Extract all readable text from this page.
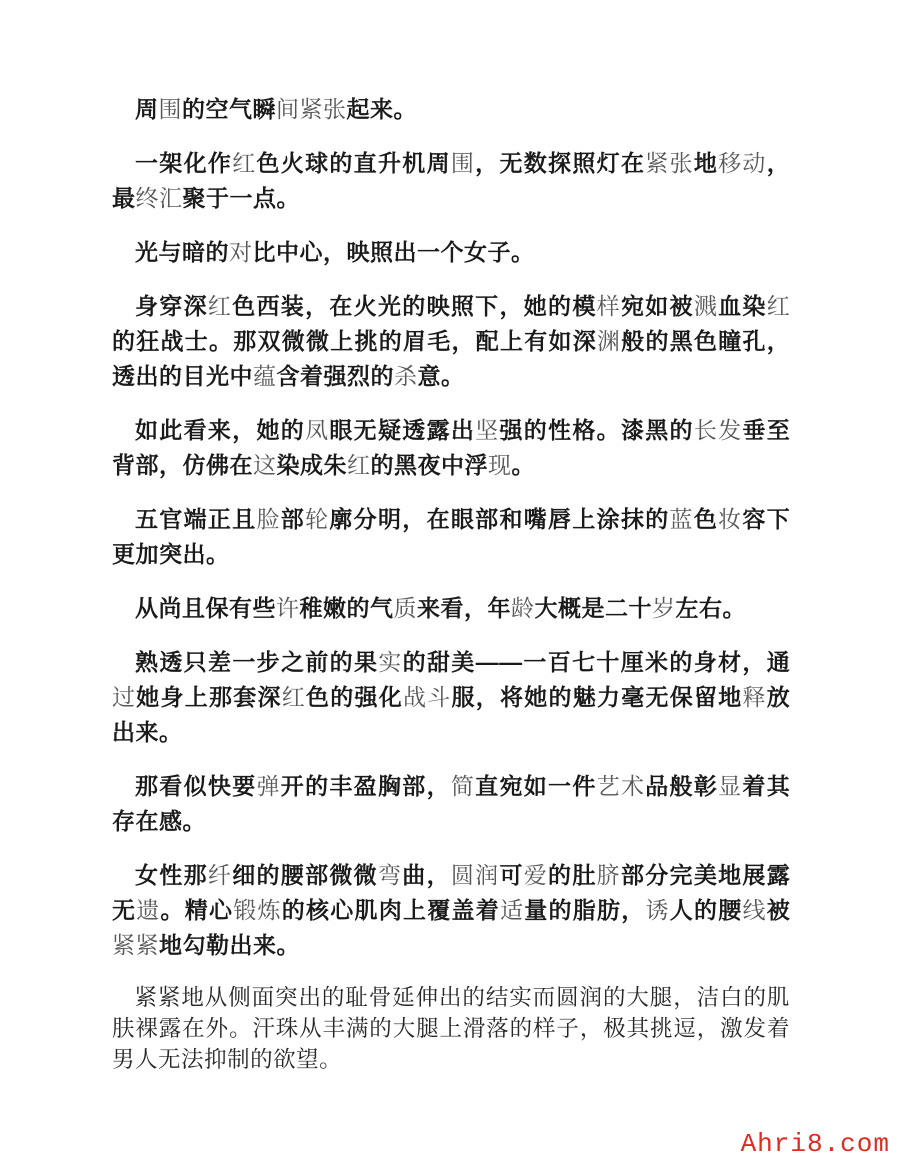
周围的空气瞬间紧张起来。

一架化作红色火球的直升机周围，无数探照灯在紧张地移动，最终汇聚于一点。

光与暗的对比中心，映照出一个女子。

身穿深红色西装，在火光的映照下，她的模样宛如被溅血染红的狂战士。那双微微上挑的眉毛，配上有如深渊般的黑色瞳孔，透出的目光中蕴含着强烈的杀意。

如此看来，她的凤眼无疑透露出坚强的性格。漆黑的长发垂至背部，仿佛在这染成朱红的黑夜中浮现。

五官端正且脸部轮廓分明，在眼部和嘴唇上涂抹的蓝色妆容下更加突出。

从尚且保有些许稚嫩的气质来看，年龄大概是二十岁左右。

熟透只差一步之前的果实的甜美——一百七十厘米的身材，通过她身上那套深红色的强化战斗服，将她的魅力毫无保留地释放出来。

那看似快要弹开的丰盈胸部，简直宛如一件艺术品般彰显着其存在感。

女性那纤细的腰部微微弯曲，圆润可爱的肚脐部分完美地展露无遗。精心锻炼的核心肌肉上覆盖着适量的脂肪，诱人的腰线被紧紧地勾勒出来。

紧紧地从侧面突出的耻骨延伸出的结实而圆润的大腿，洁白的肌肤裸露在外。汗珠从丰满的大腿上滑落的样子，极其挑逗，激发着男人无法抑制的欲望。

Ahri8.com
